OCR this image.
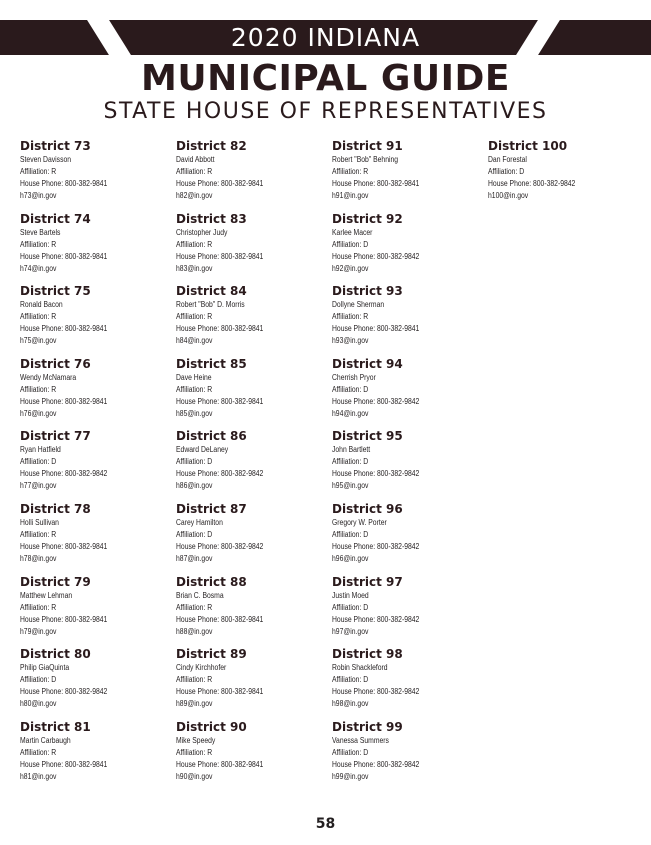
2020 INDIANA
MUNICIPAL GUIDE
STATE HOUSE OF REPRESENTATIVES
District 73
Steven Davisson
Affiliation: R
House Phone: 800-382-9841
h73@in.gov
District 74
Steve Bartels
Affiliation: R
House Phone: 800-382-9841
h74@in.gov
District 75
Ronald Bacon
Affiliation: R
House Phone: 800-382-9841
h75@in.gov
District 76
Wendy McNamara
Affiliation: R
House Phone: 800-382-9841
h76@in.gov
District 77
Ryan Hatfield
Affiliation: D
House Phone: 800-382-9842
h77@in.gov
District 78
Holli Sullivan
Affiliation: R
House Phone: 800-382-9841
h78@in.gov
District 79
Matthew Lehman
Affiliation: R
House Phone: 800-382-9841
h79@in.gov
District 80
Philip GiaQuinta
Affiliation: D
House Phone: 800-382-9842
h80@in.gov
District 81
Martin Carbaugh
Affiliation: R
House Phone: 800-382-9841
h81@in.gov
District 82
David Abbott
Affiliation: R
House Phone: 800-382-9841
h82@in.gov
District 83
Christopher Judy
Affiliation: R
House Phone: 800-382-9841
h83@in.gov
District 84
Robert "Bob" D. Morris
Affiliation: R
House Phone: 800-382-9841
h84@in.gov
District 85
Dave Heine
Affiliation: R
House Phone: 800-382-9841
h85@in.gov
District 86
Edward DeLaney
Affiliation: D
House Phone: 800-382-9842
h86@in.gov
District 87
Carey Hamilton
Affiliation: D
House Phone: 800-382-9842
h87@in.gov
District 88
Brian C. Bosma
Affiliation: R
House Phone: 800-382-9841
h88@in.gov
District 89
Cindy Kirchhofer
Affiliation: R
House Phone: 800-382-9841
h89@in.gov
District 90
Mike Speedy
Affiliation: R
House Phone: 800-382-9841
h90@in.gov
District 91
Robert "Bob" Behning
Affiliation: R
House Phone: 800-382-9841
h91@in.gov
District 92
Karlee Macer
Affiliation: D
House Phone: 800-382-9842
h92@in.gov
District 93
Dollyne Sherman
Affiliation: R
House Phone: 800-382-9841
h93@in.gov
District 94
Cherrish Pryor
Affiliation: D
House Phone: 800-382-9842
h94@in.gov
District 95
John Bartlett
Affiliation: D
House Phone: 800-382-9842
h95@in.gov
District 96
Gregory W. Porter
Affiliation: D
House Phone: 800-382-9842
h96@in.gov
District 97
Justin Moed
Affiliation: D
House Phone: 800-382-9842
h97@in.gov
District 98
Robin Shackleford
Affiliation: D
House Phone: 800-382-9842
h98@in.gov
District 99
Vanessa Summers
Affiliation: D
House Phone: 800-382-9842
h99@in.gov
District 100
Dan Forestal
Affiliation: D
House Phone: 800-382-9842
h100@in.gov
58
